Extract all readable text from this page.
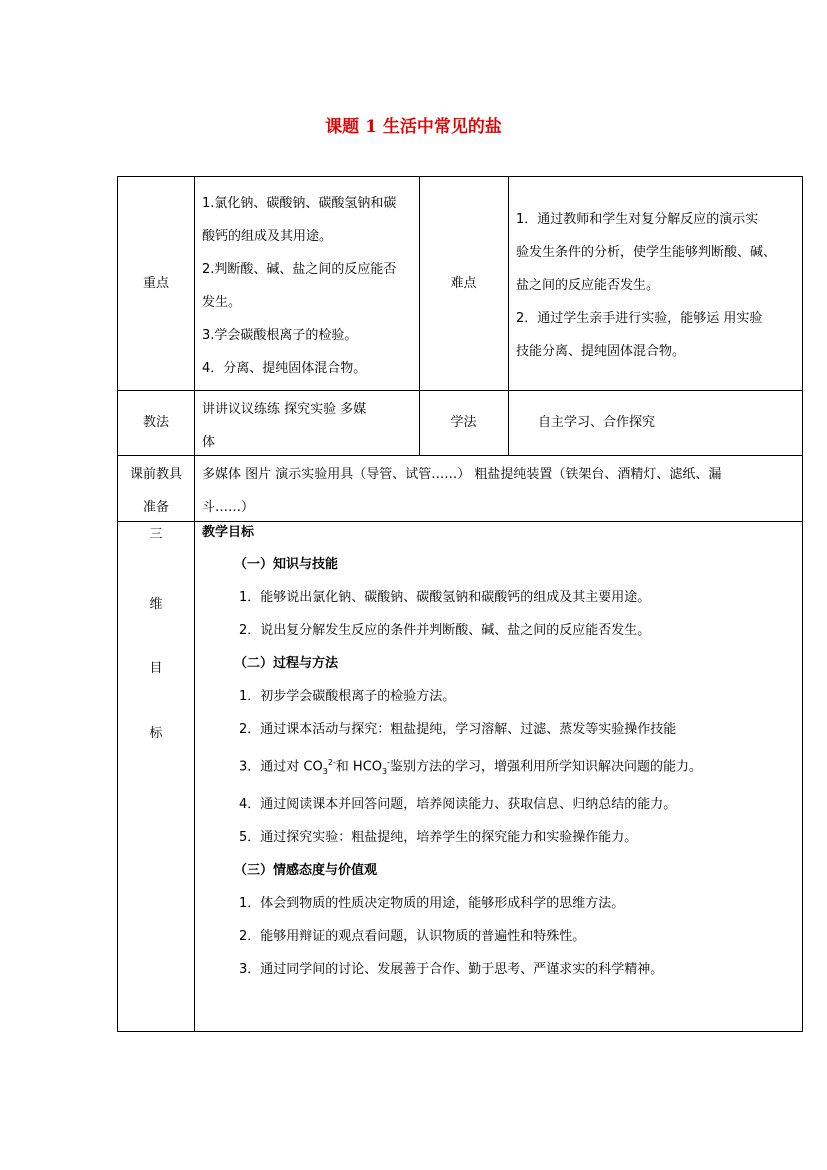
课题 1 生活中常见的盐
重点

1.氯化钠、碳酸钠、碳酸氢钠和碳

酸钙的组成及其用途。

2.判断酸、碱、盐之间的反应能否

发生。

3.学会碳酸根离子的检验。

4．分离、提纯固体混合物。

难点

1．通过教师和学生对复分解反应的演示实

验发生条件的分析，使学生能够判断酸、碱、

盐之间的反应能否发生。

2．通过学生亲手进行实验，能够运 用实验

技能分离、提纯固体混合物。

教法

讲讲议议练练 探究实验 多媒

体

学法	自主学习、合作探究

课前教具

准备

多媒体 图片 演示实验用具（导管、试管……） 粗盐提纯装置（铁架台、酒精灯、滤纸、漏

斗……）

三
维
目
标

教学目标

（一）知识与技能

1．能够说出氯化钠、碳酸钠、碳酸氢钠和碳酸钙的组成及其主要用途。

2．说出复分解发生反应的条件并判断酸、碱、盐之间的反应能否发生。

（二）过程与方法

1．初步学会碳酸根离子的检验方法。

2．通过课本活动与探究：粗盐提纯，学习溶解、过滤、蒸发等实验操作技能

3．通过对 $CO_3^{2-}$和 $HCO_3^-$鉴别方法的学习，增强利用所学知识解决问题的能力。

4．通过阅读课本并回答问题，培养阅读能力、获取信息、归纳总结的能力。

5．通过探究实验：粗盐提纯，培养学生的探究能力和实验操作能力。

（三）情感态度与价值观

1．体会到物质的性质决定物质的用途，能够形成科学的思维方法。

2．能够用辩证的观点看问题，认识物质的普遍性和特殊性。

3．通过同学间的讨论、发展善于合作、勤于思考、严谨求实的科学精神。
